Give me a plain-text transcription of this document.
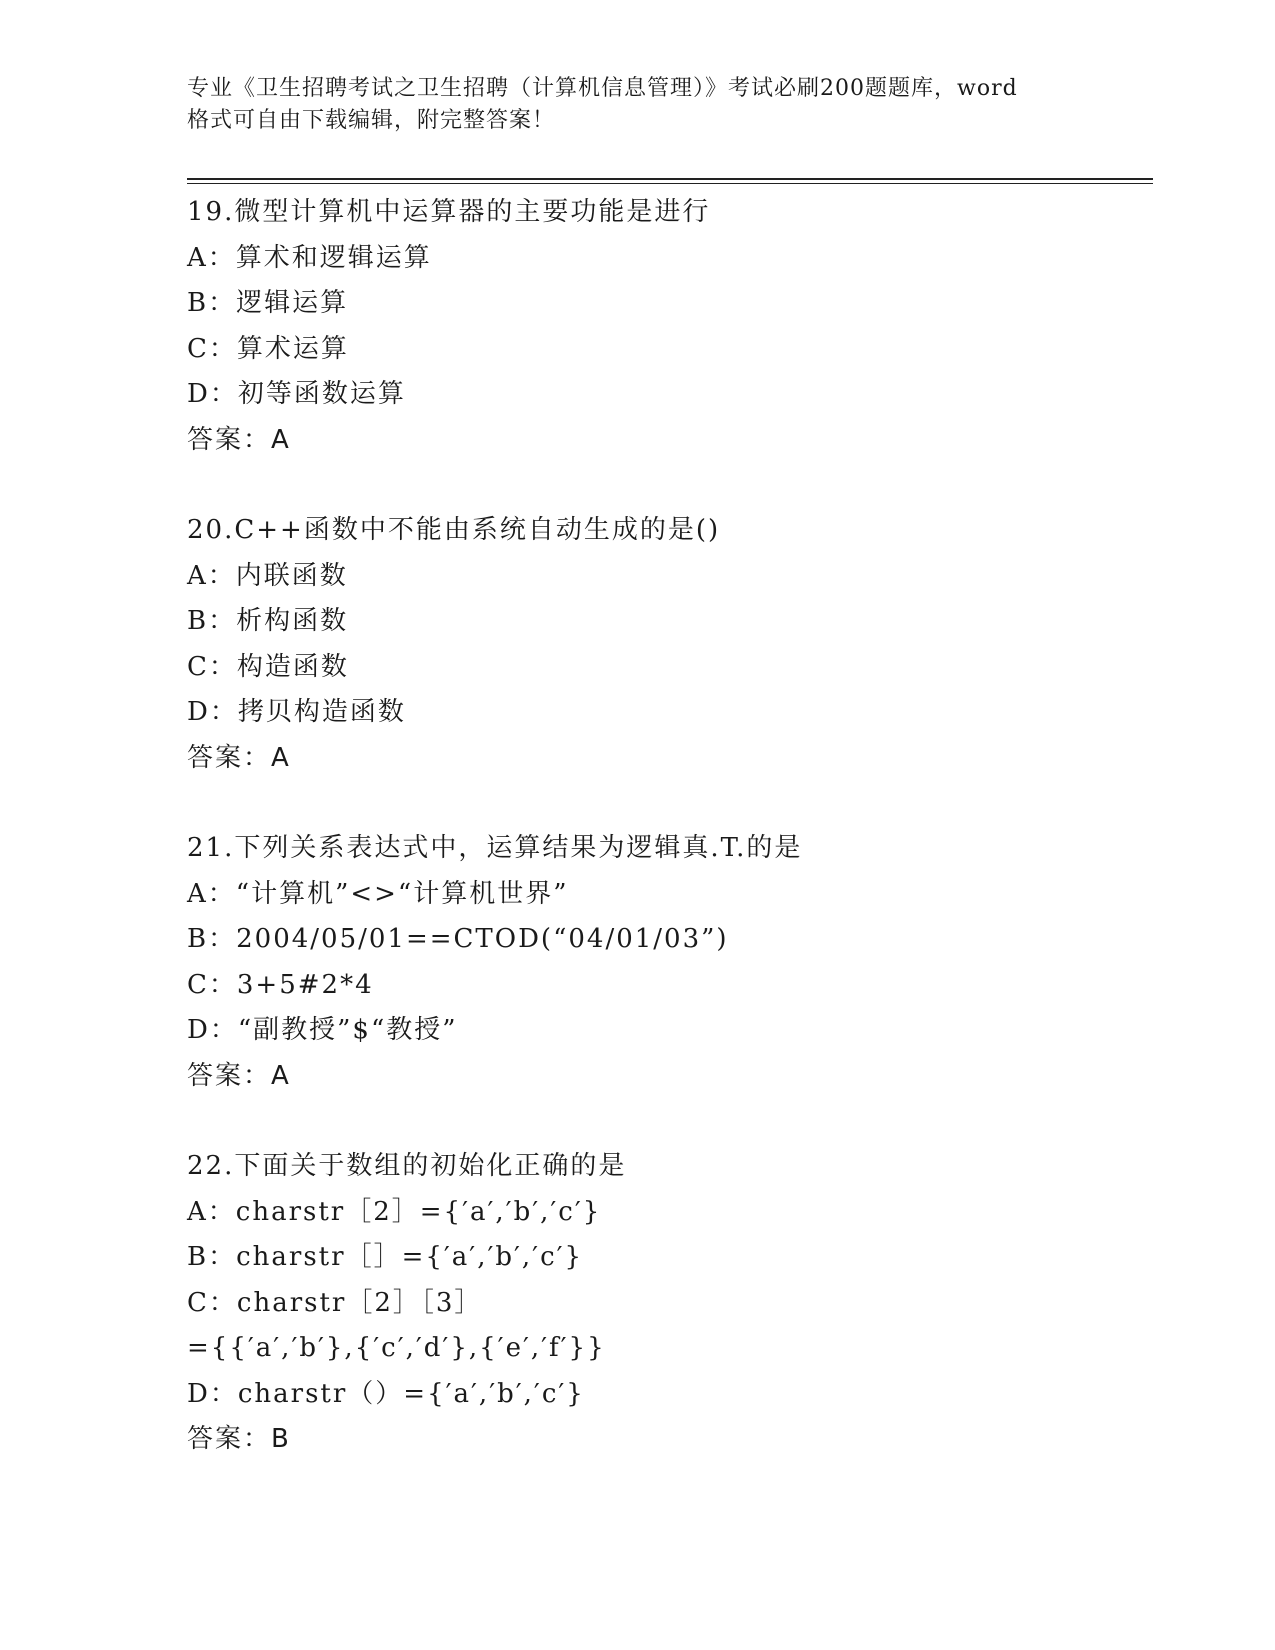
专业《卫生招聘考试之卫生招聘（计算机信息管理）》考试必刷200题题库，word
格式可自由下载编辑，附完整答案！
19.微型计算机中运算器的主要功能是进行
A：算术和逻辑运算
B：逻辑运算
C：算术运算
D：初等函数运算
答案：A
20.C++函数中不能由系统自动生成的是()
A：内联函数
B：析构函数
C：构造函数
D：拷贝构造函数
答案：A
21.下列关系表达式中，运算结果为逻辑真.T.的是
A：“计算机”<>“计算机世界”
B：2004/05/01==CTOD(“04/01/03”)
C：3+5#2*4
D：“副教授”$“教授”
答案：A
22.下面关于数组的初始化正确的是
A：charstr［2］={′a′,′b′,′c′}
B：charstr［］={′a′,′b′,′c′}
C：charstr［2］［3］
={{′a′,′b′},{′c′,′d′},{′e′,′f′}}
D：charstr（）={′a′,′b′,′c′}
答案：B
